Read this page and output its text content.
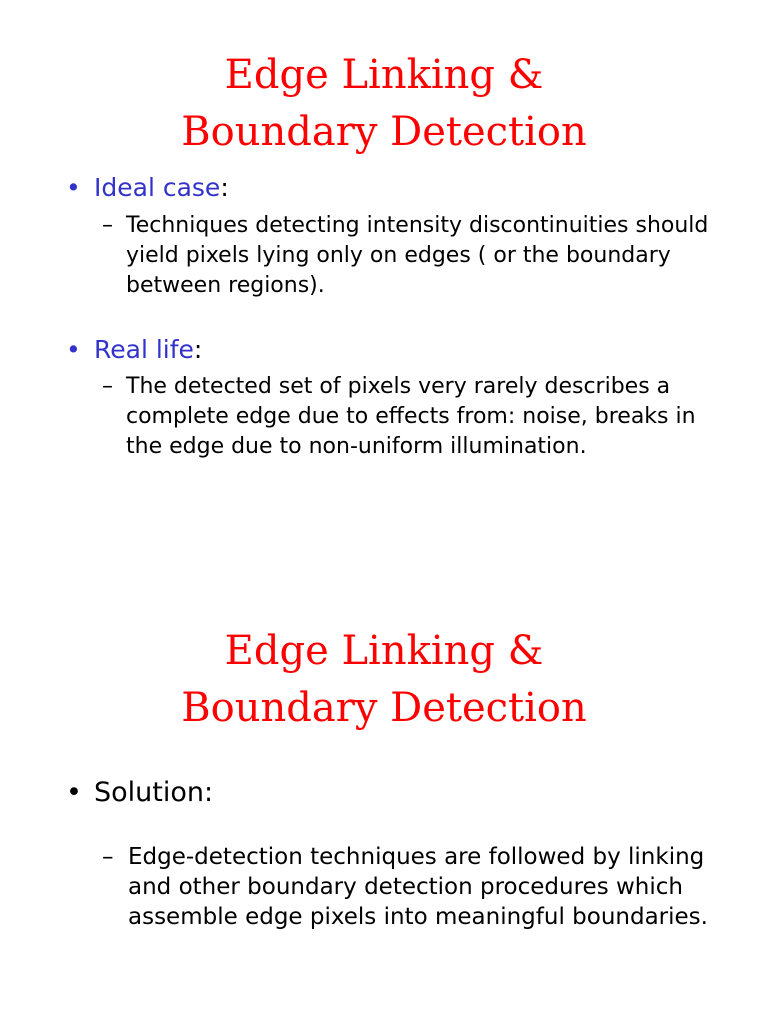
Edge Linking &
Boundary Detection
• Ideal case:
– Techniques detecting intensity discontinuities should yield pixels lying only on edges ( or the boundary between regions).
• Real life:
– The detected set of pixels very rarely describes a complete edge due to effects from: noise, breaks in the edge due to non-uniform illumination.
Edge Linking &
Boundary Detection
• Solution:
– Edge-detection techniques are followed by linking and other boundary detection procedures which assemble edge pixels into meaningful boundaries.
